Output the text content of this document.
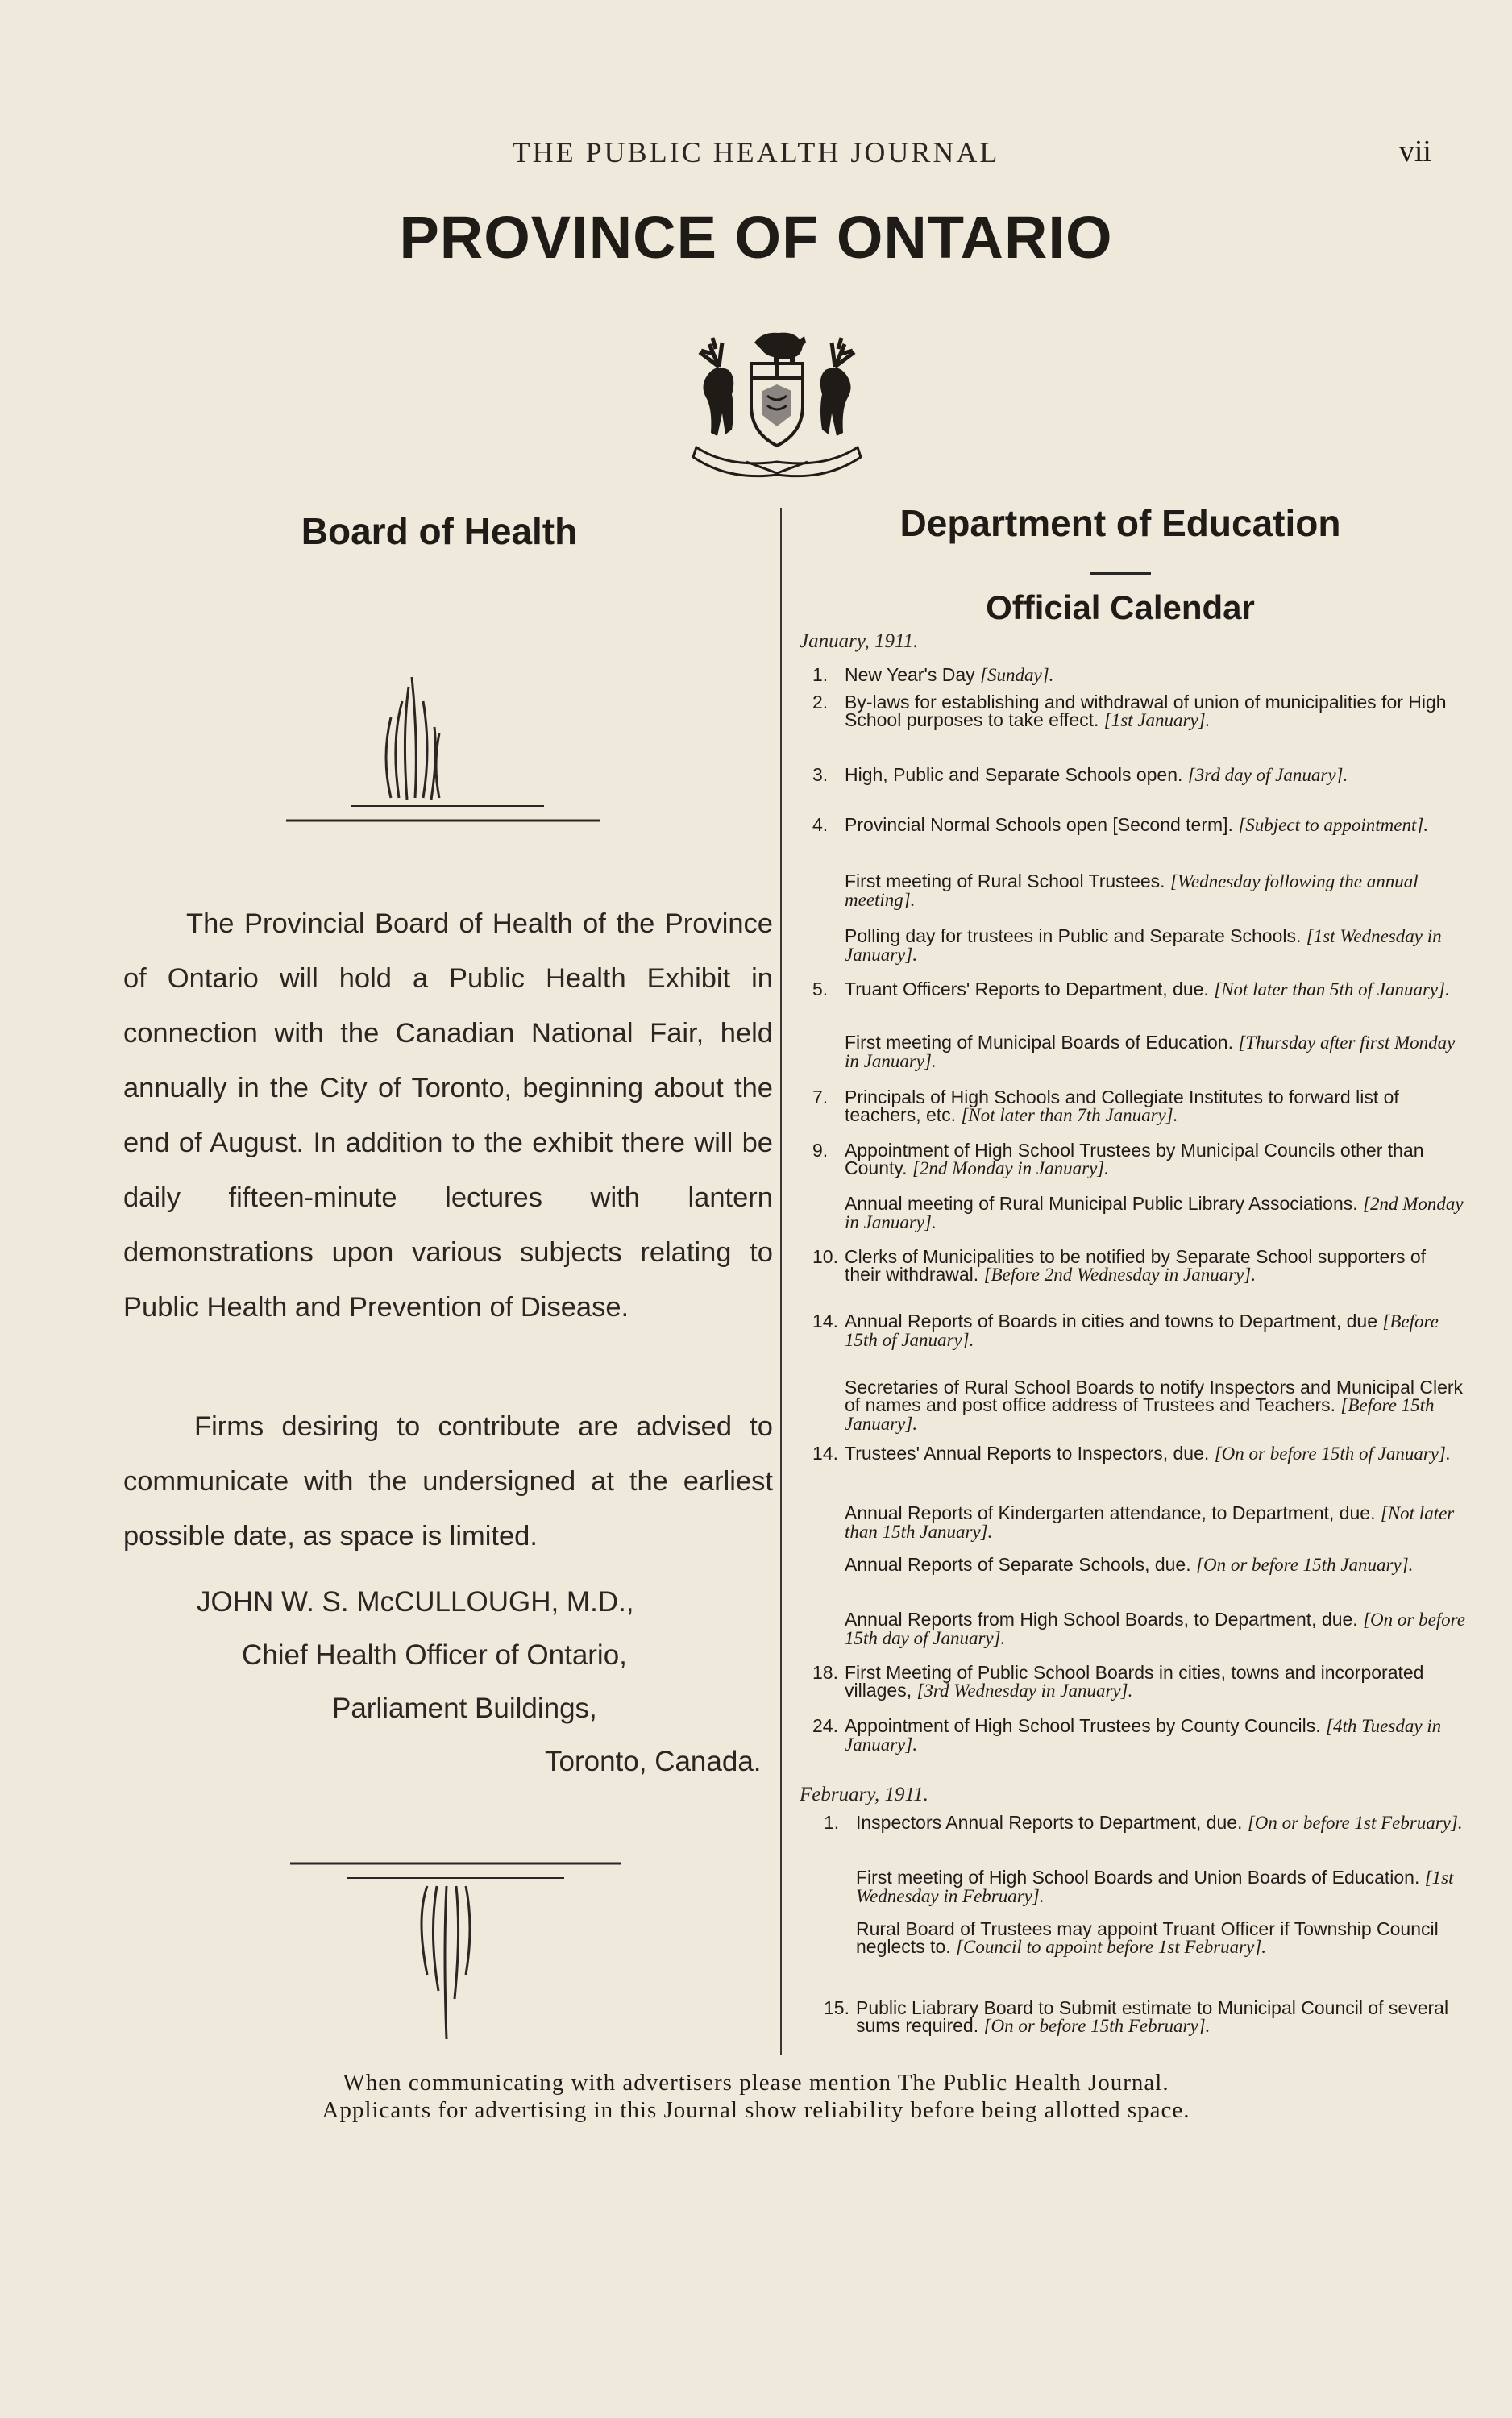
THE PUBLIC HEALTH JOURNAL	vii
PROVINCE OF ONTARIO
Board of Health
The Provincial Board of Health of the Province of Ontario will hold a Public Health Exhibit in connection with the Canadian National Fair, held annually in the City of Toronto, beginning about the end of August. In addition to the exhibit there will be daily fifteen-minute lectures with lantern demonstrations upon various subjects relating to Public Health and Prevention of Disease.
Firms desiring to contribute are advised to communicate with the undersigned at the earliest possible date, as space is limited.
JOHN W. S. McCULLOUGH, M.D.,
Chief Health Officer of Ontario,
Parliament Buildings,
Toronto, Canada.
Department of Education
Official Calendar
January, 1911.
1. New Year's Day [Sunday].
2. By-laws for establishing and withdrawal of union of municipalities for High School purposes to take effect. [1st January].
3. High, Public and Separate Schools open. [3rd day of January].
4. Provincial Normal Schools open [Second term]. [Subject to appointment].
First meeting of Rural School Trustees. [Wednesday following the annual meeting].
Polling day for trustees in Public and Separate Schools. [1st Wednesday in January].
5. Truant Officers' Reports to Department, due. [Not later than 5th of January].
First meeting of Municipal Boards of Education. [Thursday after first Monday in January].
7. Principals of High Schools and Collegiate Institutes to forward list of teachers, etc. [Not later than 7th January].
9. Appointment of High School Trustees by Municipal Councils other than County. [2nd Monday in January].
Annual meeting of Rural Municipal Public Library Associations. [2nd Monday in January].
10. Clerks of Municipalities to be notified by Separate School supporters of their withdrawal. [Before 2nd Wednesday in January].
14. Annual Reports of Boards in cities and towns to Department, due [Before 15th of January].
Secretaries of Rural School Boards to notify Inspectors and Municipal Clerk of names and post office address of Trustees and Teachers. [Before 15th January].
14. Trustees' Annual Reports to Inspectors, due. [On or before 15th of January].
Annual Reports of Kindergarten attendance, to Department, due. [Not later than 15th January].
Annual Reports of Separate Schools, due. [On or before 15th January].
Annual Reports from High School Boards, to Department, due. [On or before 15th day of January].
18. First Meeting of Public School Boards in cities, towns and incorporated villages, [3rd Wednesday in January].
24. Appointment of High School Trustees by County Councils. [4th Tuesday in January].
February, 1911.
1. Inspectors Annual Reports to Department, due. [On or before 1st February].
First meeting of High School Boards and Union Boards of Education. [1st Wednesday in February].
Rural Board of Trustees may appoint Truant Officer if Township Council neglects to. [Council to appoint before 1st February].
15. Public Liabrary Board to Submit estimate to Municipal Council of several sums required. [On or before 15th February].
When communicating with advertisers please mention The Public Health Journal.
Applicants for advertising in this Journal show reliability before being allotted space.
